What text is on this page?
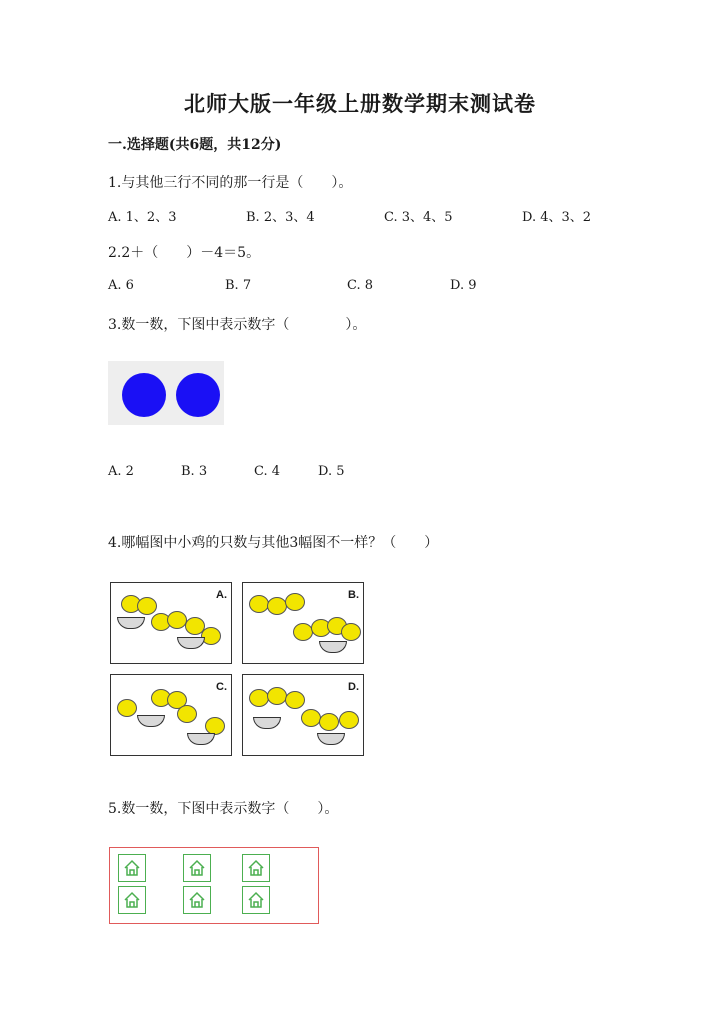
北师大版一年级上册数学期末测试卷
一.选择题(共6题，共12分)
1.与其他三行不同的那一行是（　　）。
A. 1、2、3	B. 2、3、4	C. 3、4、5	D. 4、3、2
2.2＋（　　）－4＝5。
A. 6	B. 7	C. 8	D. 9
3.数一数，下图中表示数字（　　　　）。
A. 2	B. 3	C. 4	D. 5
4.哪幅图中小鸡的只数与其他3幅图不一样？（　　）
A.	B.
C.	D.
5.数一数，下图中表示数字（　　）。
